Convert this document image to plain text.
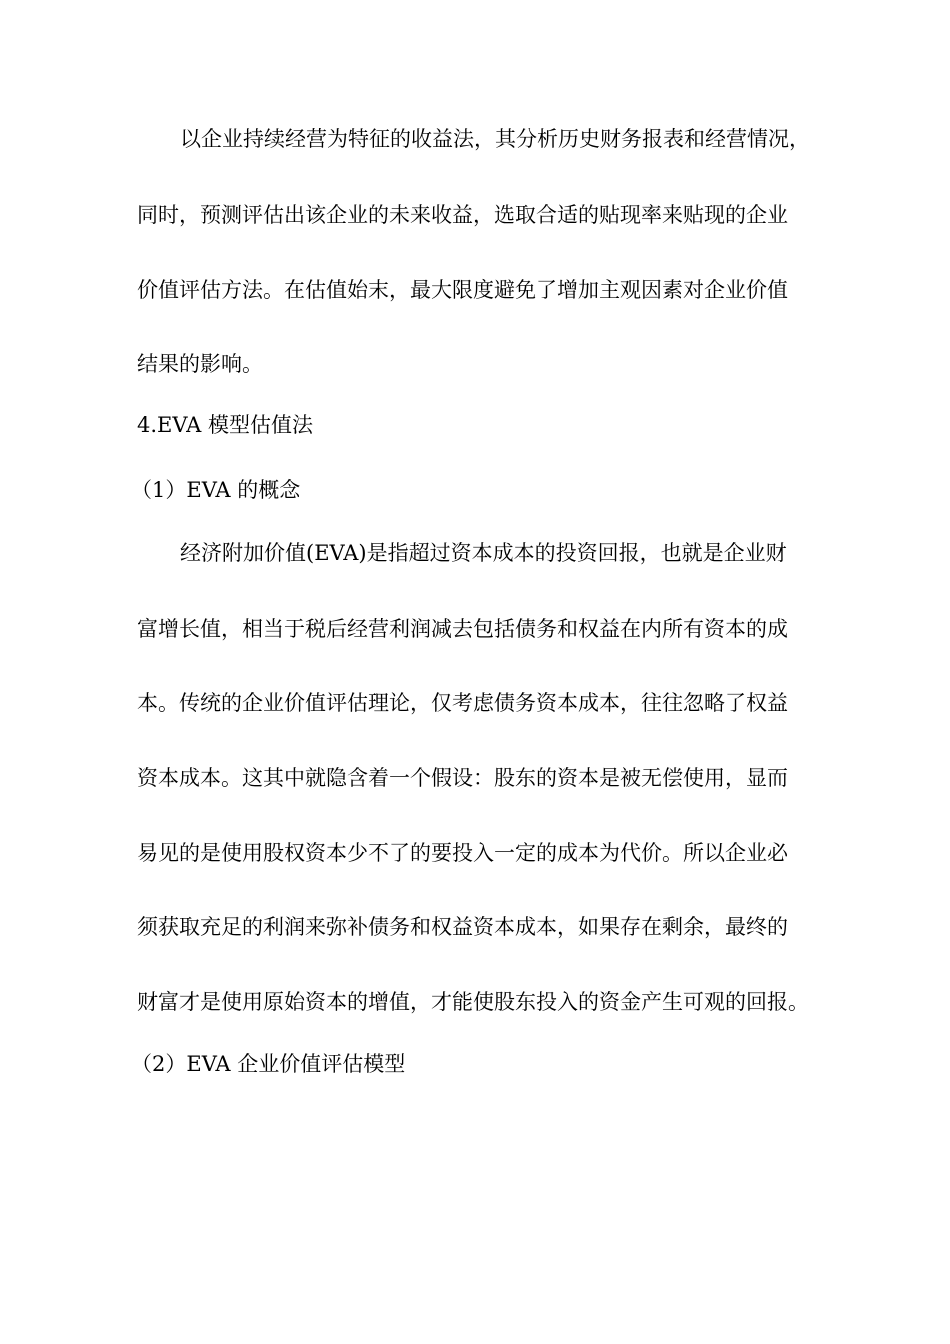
以企业持续经营为特征的收益法，其分析历史财务报表和经营情况，
同时，预测评估出该企业的未来收益，选取合适的贴现率来贴现的企业
价值评估方法。在估值始末，最大限度避免了增加主观因素对企业价值
结果的影响。
4.EVA 模型估值法
（1）EVA 的概念
经济附加价值(EVA)是指超过资本成本的投资回报，也就是企业财
富增长值，相当于税后经营利润减去包括债务和权益在内所有资本的成
本。传统的企业价值评估理论，仅考虑债务资本成本，往往忽略了权益
资本成本。这其中就隐含着一个假设：股东的资本是被无偿使用，显而
易见的是使用股权资本少不了的要投入一定的成本为代价。所以企业必
须获取充足的利润来弥补债务和权益资本成本，如果存在剩余，最终的
财富才是使用原始资本的增值，才能使股东投入的资金产生可观的回报。
（2）EVA 企业价值评估模型
